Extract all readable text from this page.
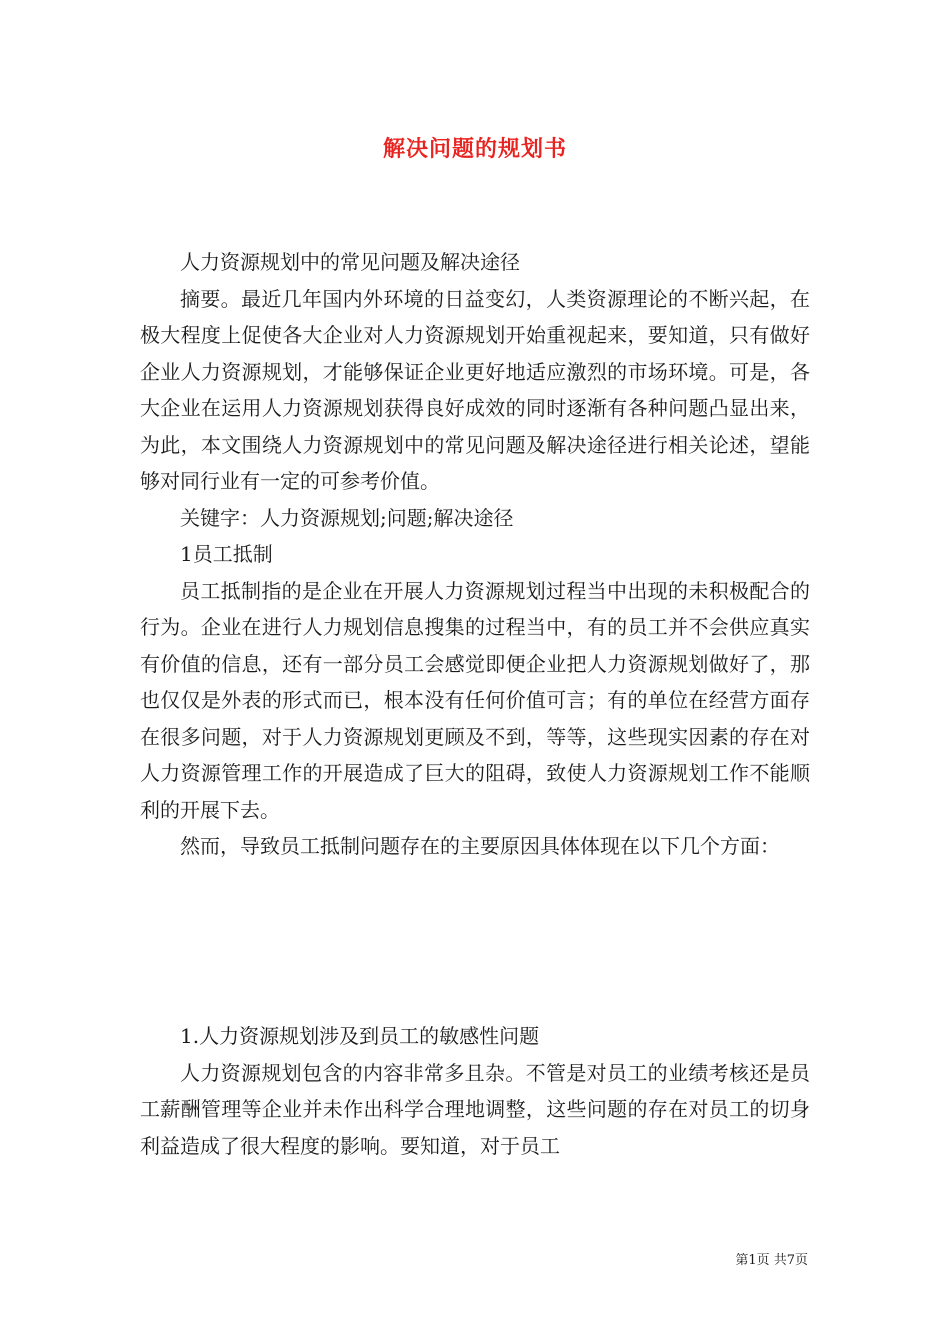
解决问题的规划书

人力资源规划中的常见问题及解决途径

摘要。最近几年国内外环境的日益变幻，人类资源理论的不断兴起，在极大程度上促使各大企业对人力资源规划开始重视起来，要知道，只有做好企业人力资源规划，才能够保证企业更好地适应激烈的市场环境。可是，各大企业在运用人力资源规划获得良好成效的同时逐渐有各种问题凸显出来，为此，本文围绕人力资源规划中的常见问题及解决途径进行相关论述，望能够对同行业有一定的可参考价值。

关键字：人力资源规划;问题;解决途径

1员工抵制

员工抵制指的是企业在开展人力资源规划过程当中出现的未积极配合的行为。企业在进行人力规划信息搜集的过程当中，有的员工并不会供应真实有价值的信息，还有一部分员工会感觉即便企业把人力资源规划做好了，那也仅仅是外表的形式而已，根本没有任何价值可言；有的单位在经营方面存在很多问题，对于人力资源规划更顾及不到，等等，这些现实因素的存在对人力资源管理工作的开展造成了巨大的阻碍，致使人力资源规划工作不能顺利的开展下去。

然而，导致员工抵制问题存在的主要原因具体体现在以下几个方面：

1.人力资源规划涉及到员工的敏感性问题

人力资源规划包含的内容非常多且杂。不管是对员工的业绩考核还是员工薪酬管理等企业并未作出科学合理地调整，这些问题的存在对员工的切身利益造成了很大程度的影响。要知道，对于员工

第1页 共7页
